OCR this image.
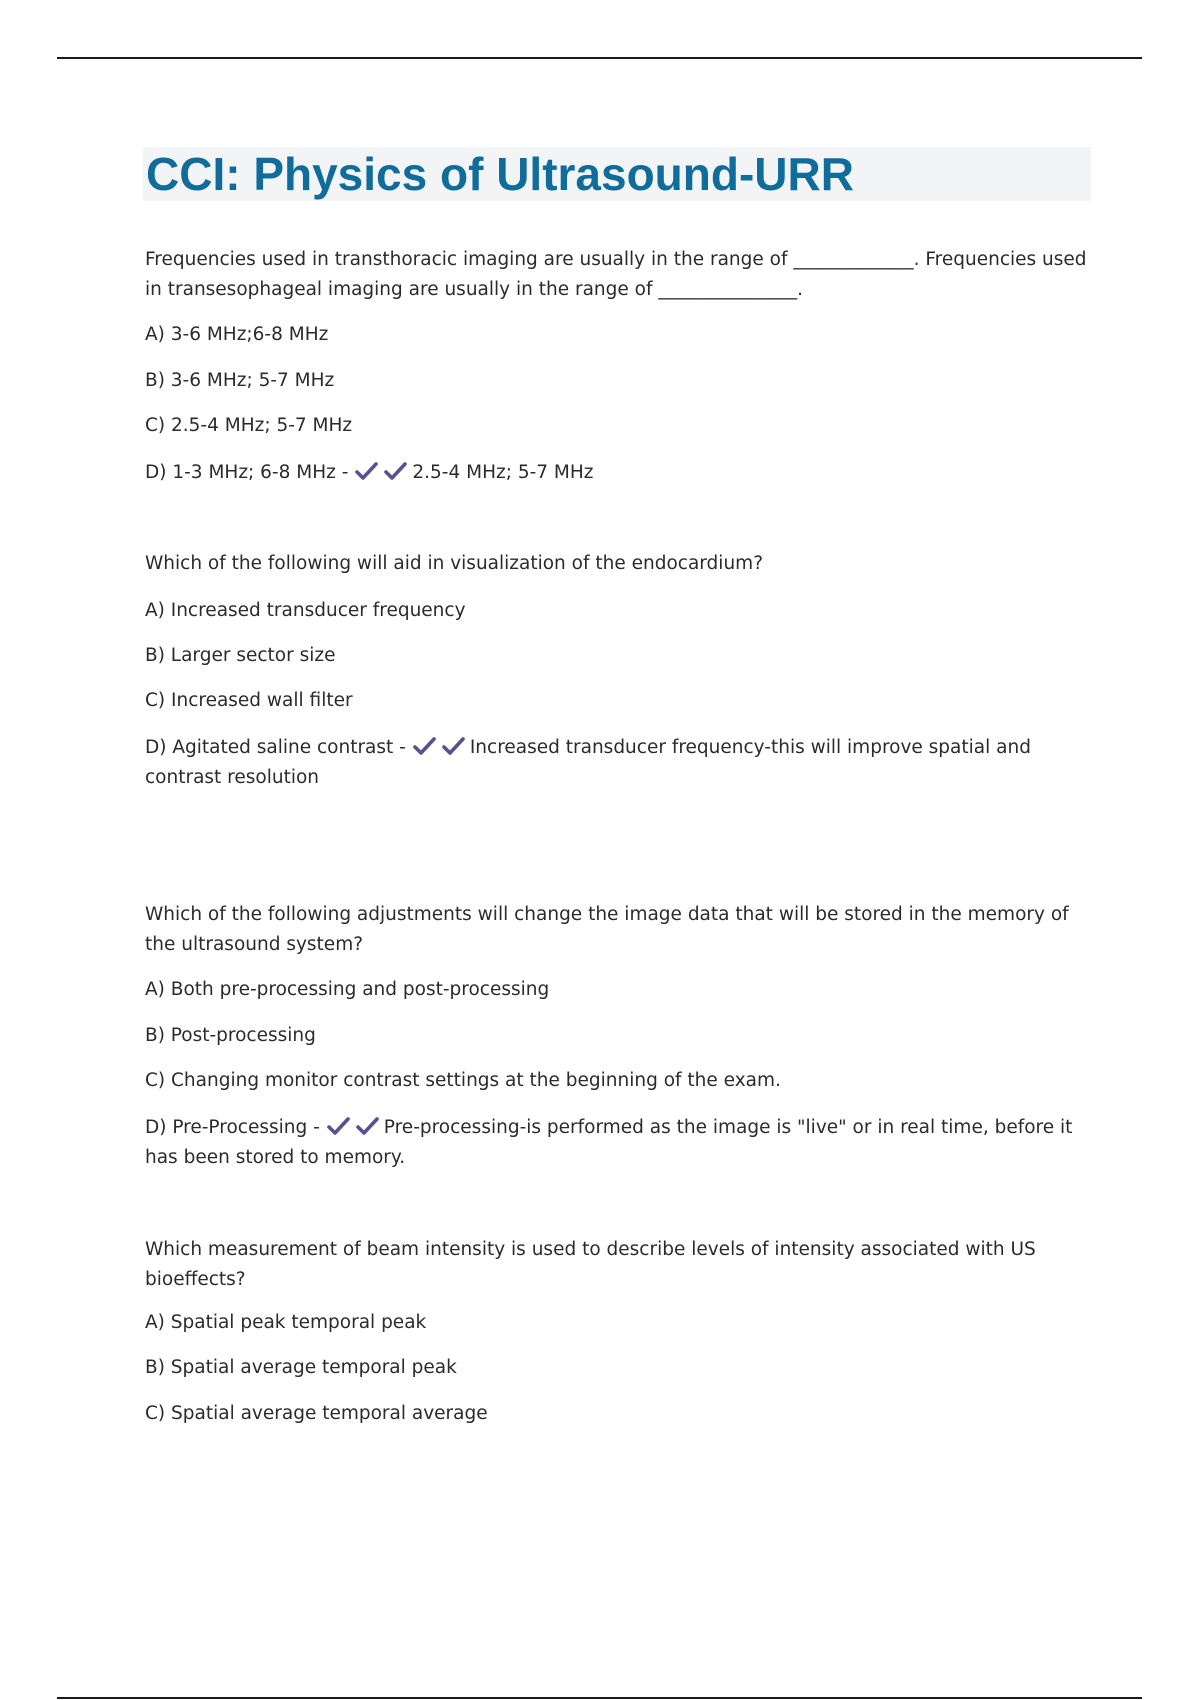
CCI: Physics of Ultrasound-URR
Frequencies used in transthoracic imaging are usually in the range of _____________. Frequencies used in transesophageal imaging are usually in the range of _______________.
A) 3-6 MHz;6-8 MHz
B) 3-6 MHz; 5-7 MHz
C) 2.5-4 MHz; 5-7 MHz
D) 1-3 MHz; 6-8 MHz -	2.5-4 MHz; 5-7 MHz
Which of the following will aid in visualization of the endocardium?
A) Increased transducer frequency
B) Larger sector size
C) Increased wall filter
D) Agitated saline contrast -	Increased transducer frequency-this will improve spatial and contrast resolution
Which of the following adjustments will change the image data that will be stored in the memory of the ultrasound system?
A) Both pre-processing and post-processing
B) Post-processing
C) Changing monitor contrast settings at the beginning of the exam.
D) Pre-Processing -	Pre-processing-is performed as the image is "live" or in real time, before it has been stored to memory.
Which measurement of beam intensity is used to describe levels of intensity associated with US bioeffects?
A) Spatial peak temporal peak
B) Spatial average temporal peak
C) Spatial average temporal average
